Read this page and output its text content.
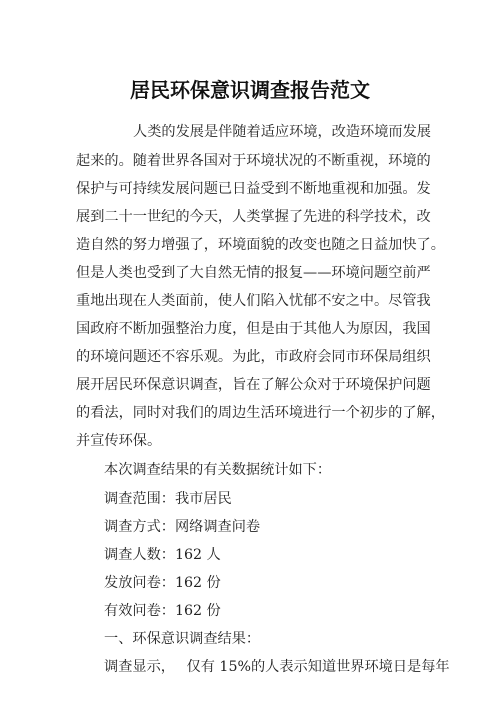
居民环保意识调查报告范文
人类的发展是伴随着适应环境，改造环境而发展
起来的。随着世界各国对于环境状况的不断重视，环境的
保护与可持续发展问题已日益受到不断地重视和加强。发
展到二十一世纪的今天，人类掌握了先进的科学技术，改
造自然的努力增强了，环境面貌的改变也随之日益加快了。
但是人类也受到了大自然无情的报复——环境问题空前严
重地出现在人类面前，使人们陷入忧郁不安之中。尽管我
国政府不断加强整治力度，但是由于其他人为原因，我国
的环境问题还不容乐观。为此，市政府会同市环保局组织
展开居民环保意识调查，旨在了解公众对于环境保护问题
的看法，同时对我们的周边生活环境进行一个初步的了解，
并宣传环保。
本次调查结果的有关数据统计如下：
调查范围：我市居民
调查方式：网络调查问卷
调查人数：162 人
发放问卷：162 份
有效问卷：162 份
一、环保意识调查结果：
调查显示，　 仅有 15%的人表示知道世界环境日是每年
